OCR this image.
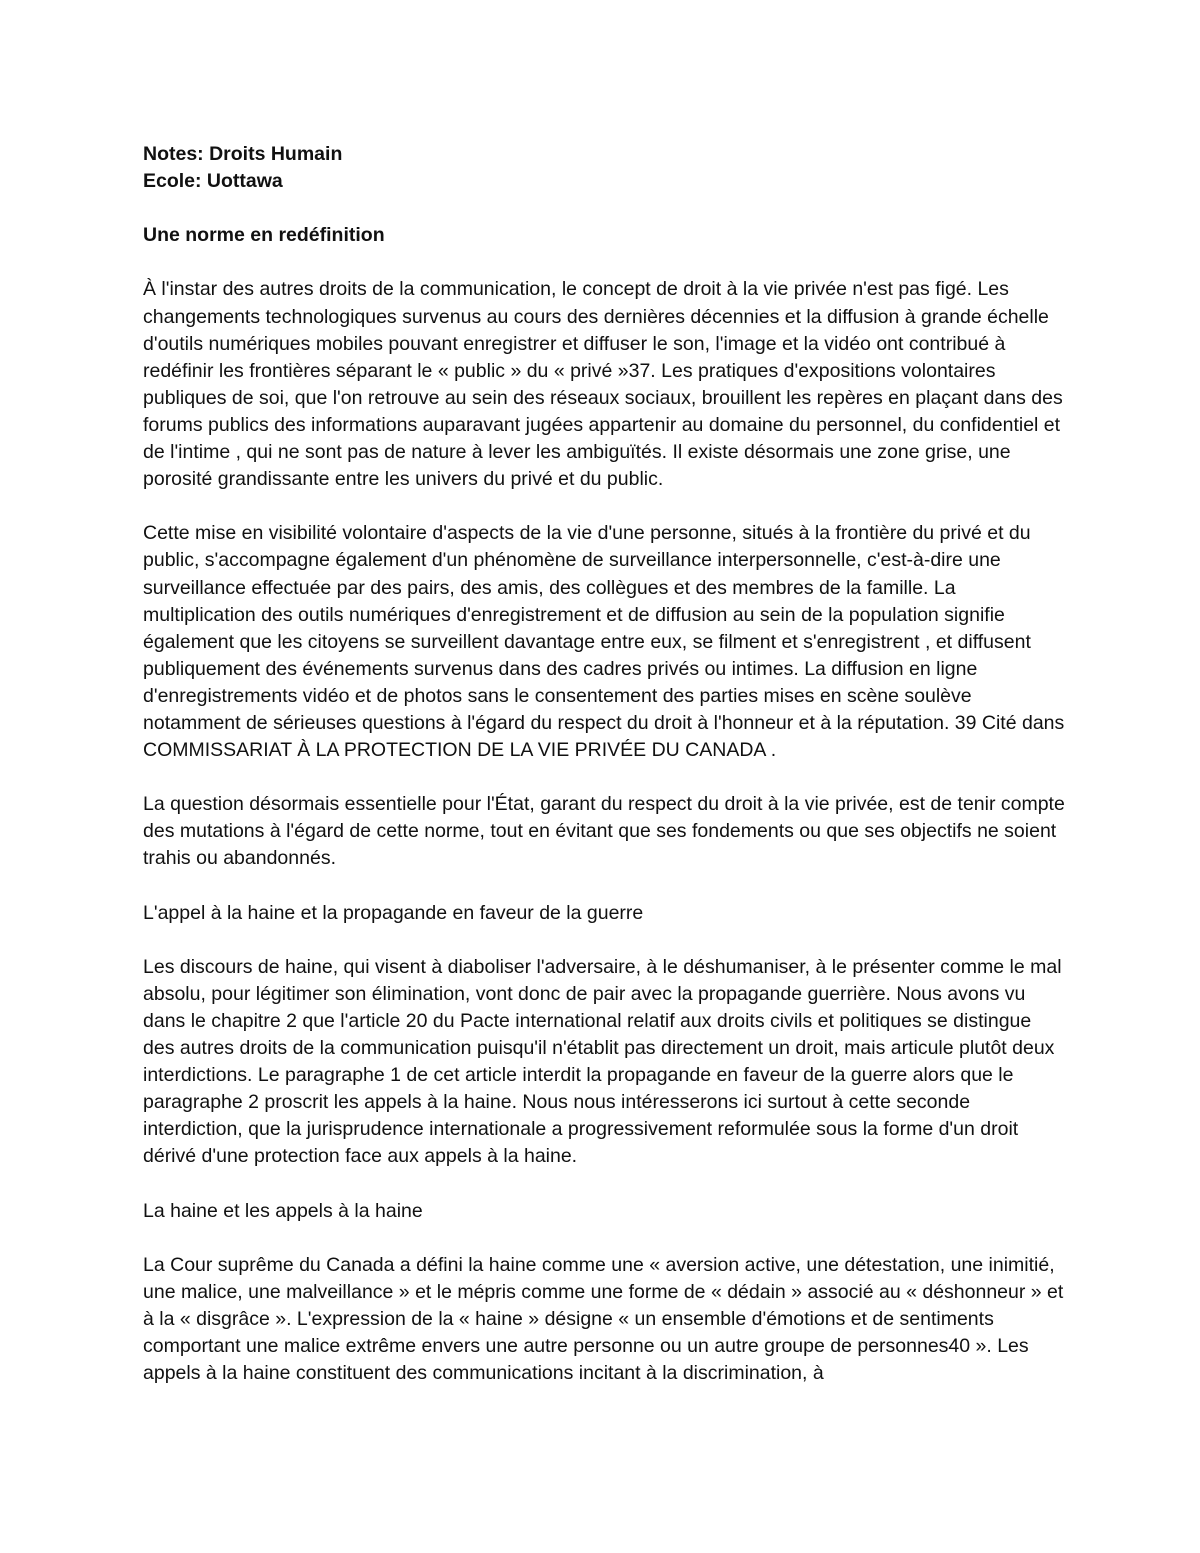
Notes: Droits Humain
Ecole: Uottawa

Une norme en redéfinition

À l'instar des autres droits de la communication, le concept de droit à la vie privée n'est pas figé. Les changements technologiques survenus au cours des dernières décennies et la diffusion à grande échelle d'outils numériques mobiles pouvant enregistrer et diffuser le son, l'image et la vidéo ont contribué à redéfinir les frontières séparant le « public » du « privé »37. Les pratiques d'expositions volontaires publiques de soi, que l'on retrouve au sein des réseaux sociaux, brouillent les repères en plaçant dans des forums publics des informations auparavant jugées appartenir au domaine du personnel, du confidentiel et de l'intime , qui ne sont pas de nature à lever les ambiguïtés. Il existe désormais une zone grise, une porosité grandissante entre les univers du privé et du public.

Cette mise en visibilité volontaire d'aspects de la vie d'une personne, situés à la frontière du privé et du public, s'accompagne également d'un phénomène de surveillance interpersonnelle, c'est-à-dire une surveillance effectuée par des pairs, des amis, des collègues et des membres de la famille. La multiplication des outils numériques d'enregistrement et de diffusion au sein de la population signifie également que les citoyens se surveillent davantage entre eux, se filment et s'enregistrent , et diffusent publiquement des événements survenus dans des cadres privés ou intimes. La diffusion en ligne d'enregistrements vidéo et de photos sans le consentement des parties mises en scène soulève notamment de sérieuses questions à l'égard du respect du droit à l'honneur et à la réputation. 39 Cité dans COMMISSARIAT À LA PROTECTION DE LA VIE PRIVÉE DU CANADA .

La question désormais essentielle pour l'État, garant du respect du droit à la vie privée, est de tenir compte des mutations à l'égard de cette norme, tout en évitant que ses fondements ou que ses objectifs ne soient trahis ou abandonnés.

L'appel à la haine et la propagande en faveur de la guerre

Les discours de haine, qui visent à diaboliser l'adversaire, à le déshumaniser, à le présenter comme le mal absolu, pour légitimer son élimination, vont donc de pair avec la propagande guerrière. Nous avons vu dans le chapitre 2 que l'article 20 du Pacte international relatif aux droits civils et politiques se distingue des autres droits de la communication puisqu'il n'établit pas directement un droit, mais articule plutôt deux interdictions. Le paragraphe 1 de cet article interdit la propagande en faveur de la guerre alors que le paragraphe 2 proscrit les appels à la haine. Nous nous intéresserons ici surtout à cette seconde interdiction, que la jurisprudence internationale a progressivement reformulée sous la forme d'un droit dérivé d'une protection face aux appels à la haine.

La haine et les appels à la haine

La Cour suprême du Canada a défini la haine comme une « aversion active, une détestation, une inimitié, une malice, une malveillance » et le mépris comme une forme de « dédain » associé au « déshonneur » et à la « disgrâce ». L'expression de la « haine » désigne « un ensemble d'émotions et de sentiments comportant une malice extrême envers une autre personne ou un autre groupe de personnes40 ». Les appels à la haine constituent des communications incitant à la discrimination, à
